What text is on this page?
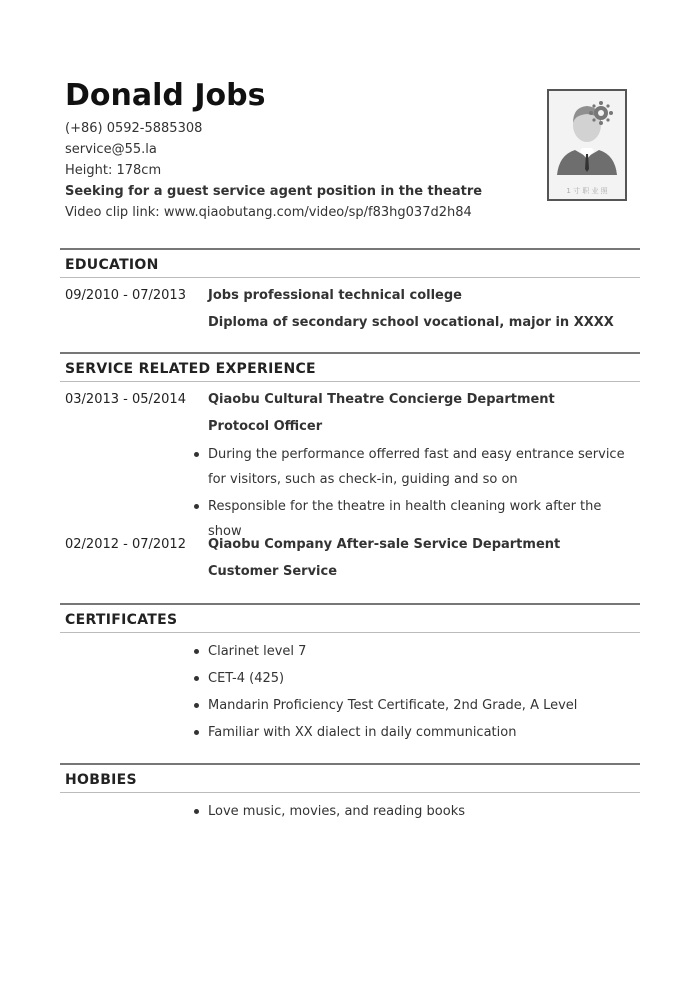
Donald Jobs
(+86) 0592-5885308
service@55.la
Height: 178cm
Seeking for a guest service agent position in the theatre
Video clip link: www.qiaobutang.com/video/sp/f83hg037d2h84
1 寸 职 业 照
EDUCATION
09/2010 - 07/2013 Jobs professional technical college
Diploma of secondary school vocational, major in XXXX
SERVICE RELATED EXPERIENCE
03/2013 - 05/2014 Qiaobu Cultural Theatre Concierge Department
Protocol Officer
During the performance offerred fast and easy entrance service for visitors, such as check-in, guiding and so on
Responsible for the theatre in health cleaning work after the show
02/2012 - 07/2012 Qiaobu Company After-sale Service Department
Customer Service
CERTIFICATES
Clarinet level 7
CET-4 (425)
Mandarin Proficiency Test Certificate, 2nd Grade, A Level
Familiar with XX dialect in daily communication
HOBBIES
Love music, movies, and reading books
